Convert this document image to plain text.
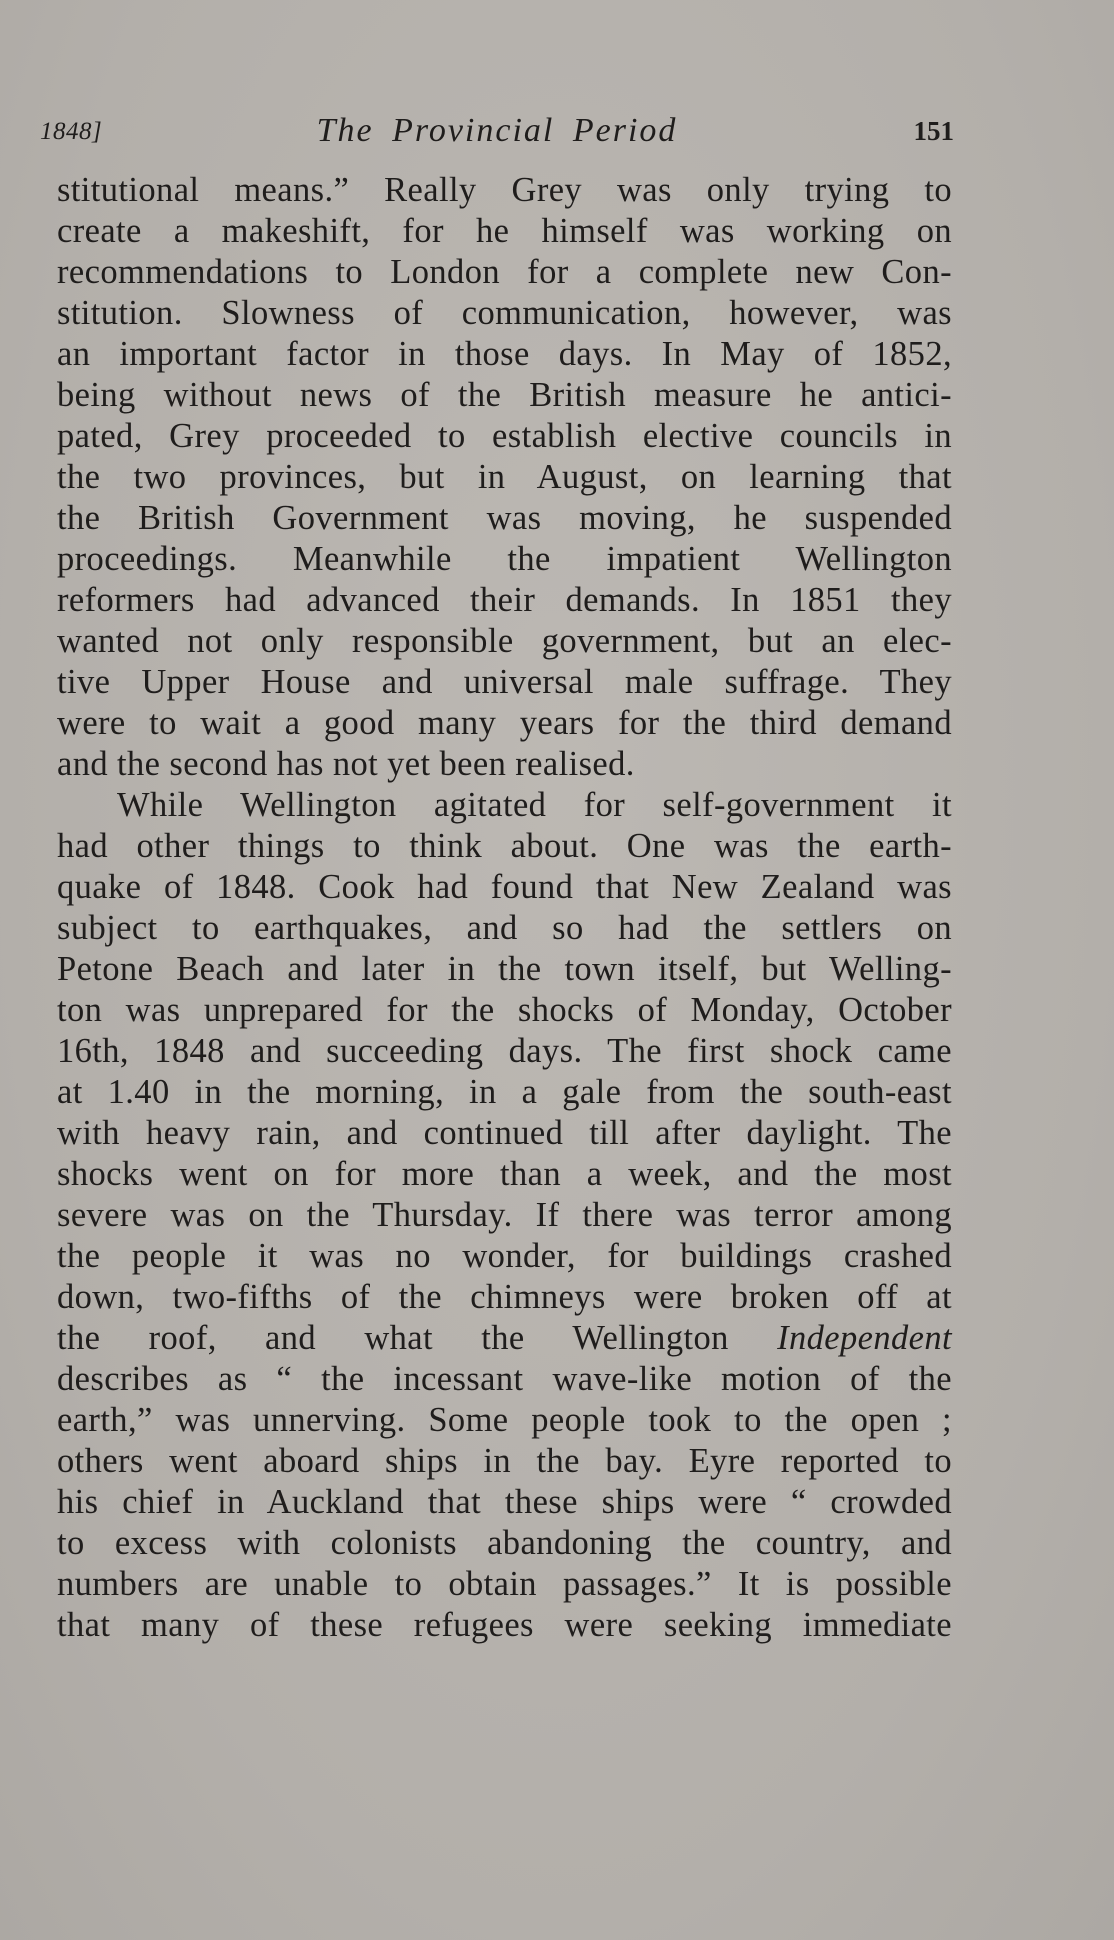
1848]	The Provincial Period	151
stitutional means.” Really Grey was only trying to
create a makeshift, for he himself was working on
recommendations to London for a complete new Con-
stitution. Slowness of communication, however, was
an important factor in those days. In May of 1852,
being without news of the British measure he antici-
pated, Grey proceeded to establish elective councils in
the two provinces, but in August, on learning that
the British Government was moving, he suspended
proceedings. Meanwhile the impatient Wellington
reformers had advanced their demands. In 1851 they
wanted not only responsible government, but an elec-
tive Upper House and universal male suffrage. They
were to wait a good many years for the third demand
and the second has not yet been realised.
While Wellington agitated for self-government it
had other things to think about. One was the earth-
quake of 1848. Cook had found that New Zealand was
subject to earthquakes, and so had the settlers on
Petone Beach and later in the town itself, but Welling-
ton was unprepared for the shocks of Monday, October
16th, 1848 and succeeding days. The first shock came
at 1.40 in the morning, in a gale from the south-east
with heavy rain, and continued till after daylight. The
shocks went on for more than a week, and the most
severe was on the Thursday. If there was terror among
the people it was no wonder, for buildings crashed
down, two-fifths of the chimneys were broken off at
the roof, and what the Wellington Independent
describes as “ the incessant wave-like motion of the
earth,” was unnerving. Some people took to the open ;
others went aboard ships in the bay. Eyre reported to
his chief in Auckland that these ships were “ crowded
to excess with colonists abandoning the country, and
numbers are unable to obtain passages.” It is possible
that many of these refugees were seeking immediate
